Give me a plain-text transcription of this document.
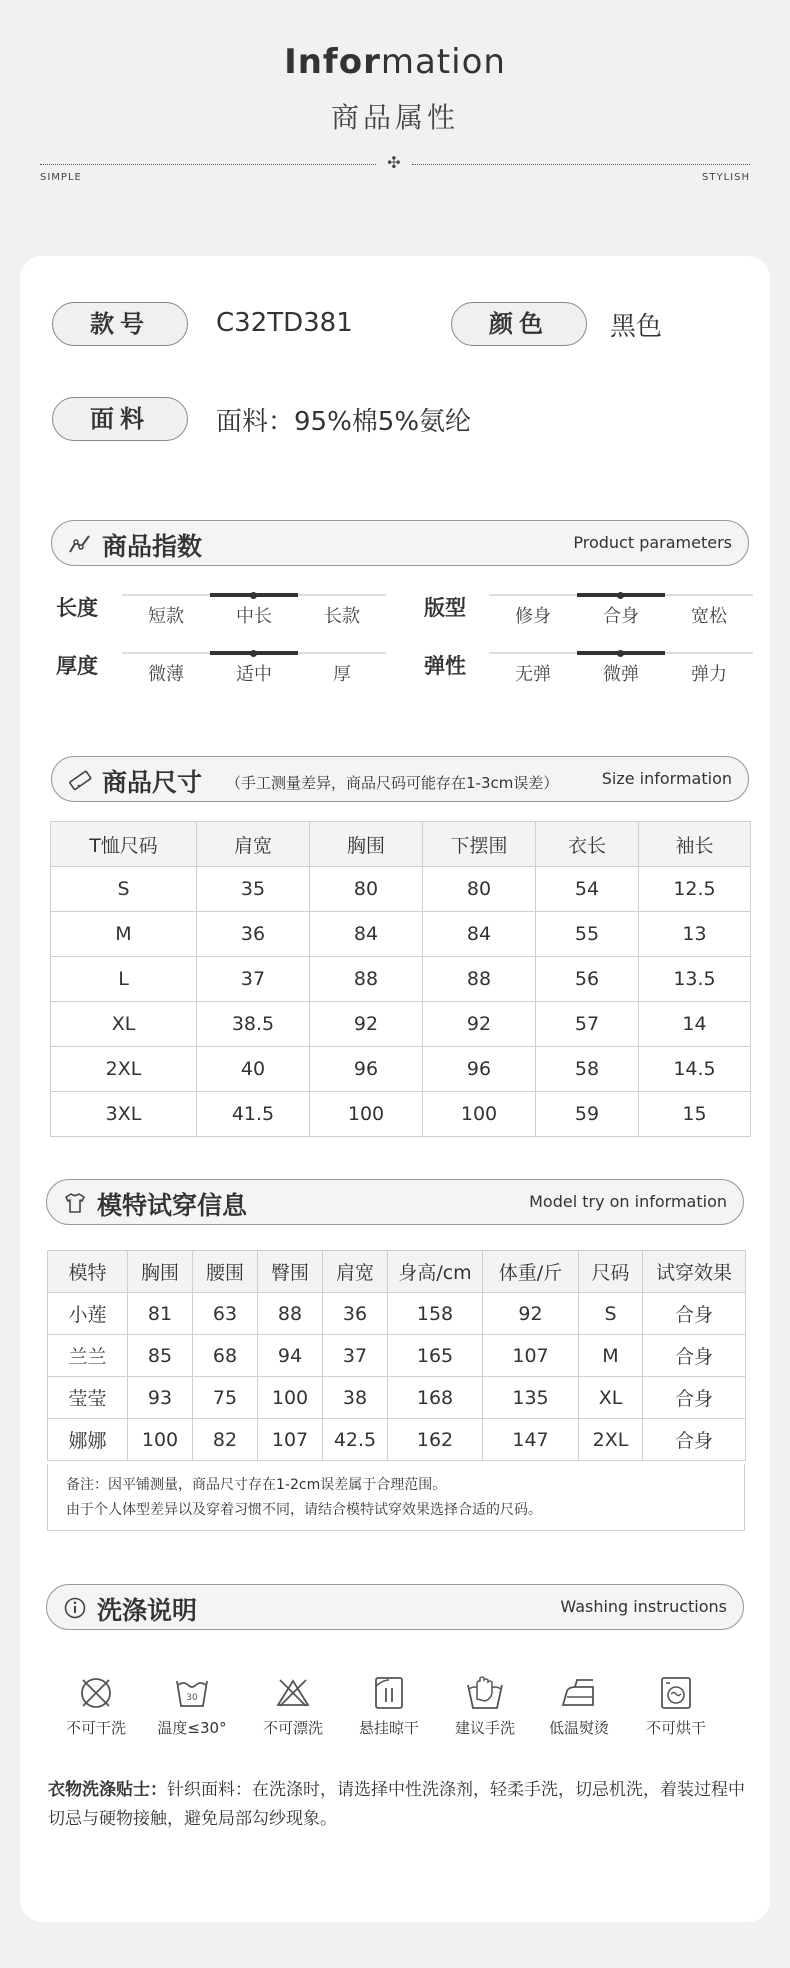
Information
商品属性
✣
SIMPLE	STYLISH
款号	C32TD381	颜色	黑色
面料	面料：95%棉5%氨纶
商品指数	Product parameters
长度	短款	中长	长款	版型	修身	合身	宽松
厚度	微薄	适中	厚	弹性	无弹	微弹	弹力
商品尺寸 （手工测量差异，商品尺码可能存在1-3cm误差）	Size information
T恤尺码	肩宽	胸围	下摆围	衣长	袖长
S	35	80	80	54	12.5
M	36	84	84	55	13
L	37	88	88	56	13.5
XL	38.5	92	92	57	14
2XL	40	96	96	58	14.5
3XL	41.5	100	100	59	15
模特试穿信息	Model try on information
模特	胸围	腰围	臀围	肩宽	身高/cm	体重/斤	尺码	试穿效果
小莲	81	63	88	36	158	92	S	合身
兰兰	85	68	94	37	165	107	M	合身
莹莹	93	75	100	38	168	135	XL	合身
娜娜	100	82	107	42.5	162	147	2XL	合身
备注：因平铺测量，商品尺寸存在1-2cm误差属于合理范围。
由于个人体型差异以及穿着习惯不同，请结合模特试穿效果选择合适的尺码。
洗涤说明	Washing instructions
不可干洗
30
温度≤30°	不可漂洗	悬挂晾干	建议手洗	低温熨烫	不可烘干
衣物洗涤贴士：针织面料：在洗涤时，请选择中性洗涤剂，轻柔手洗，切忌机洗，着装过程中切忌与硬物接触，避免局部勾纱现象。
